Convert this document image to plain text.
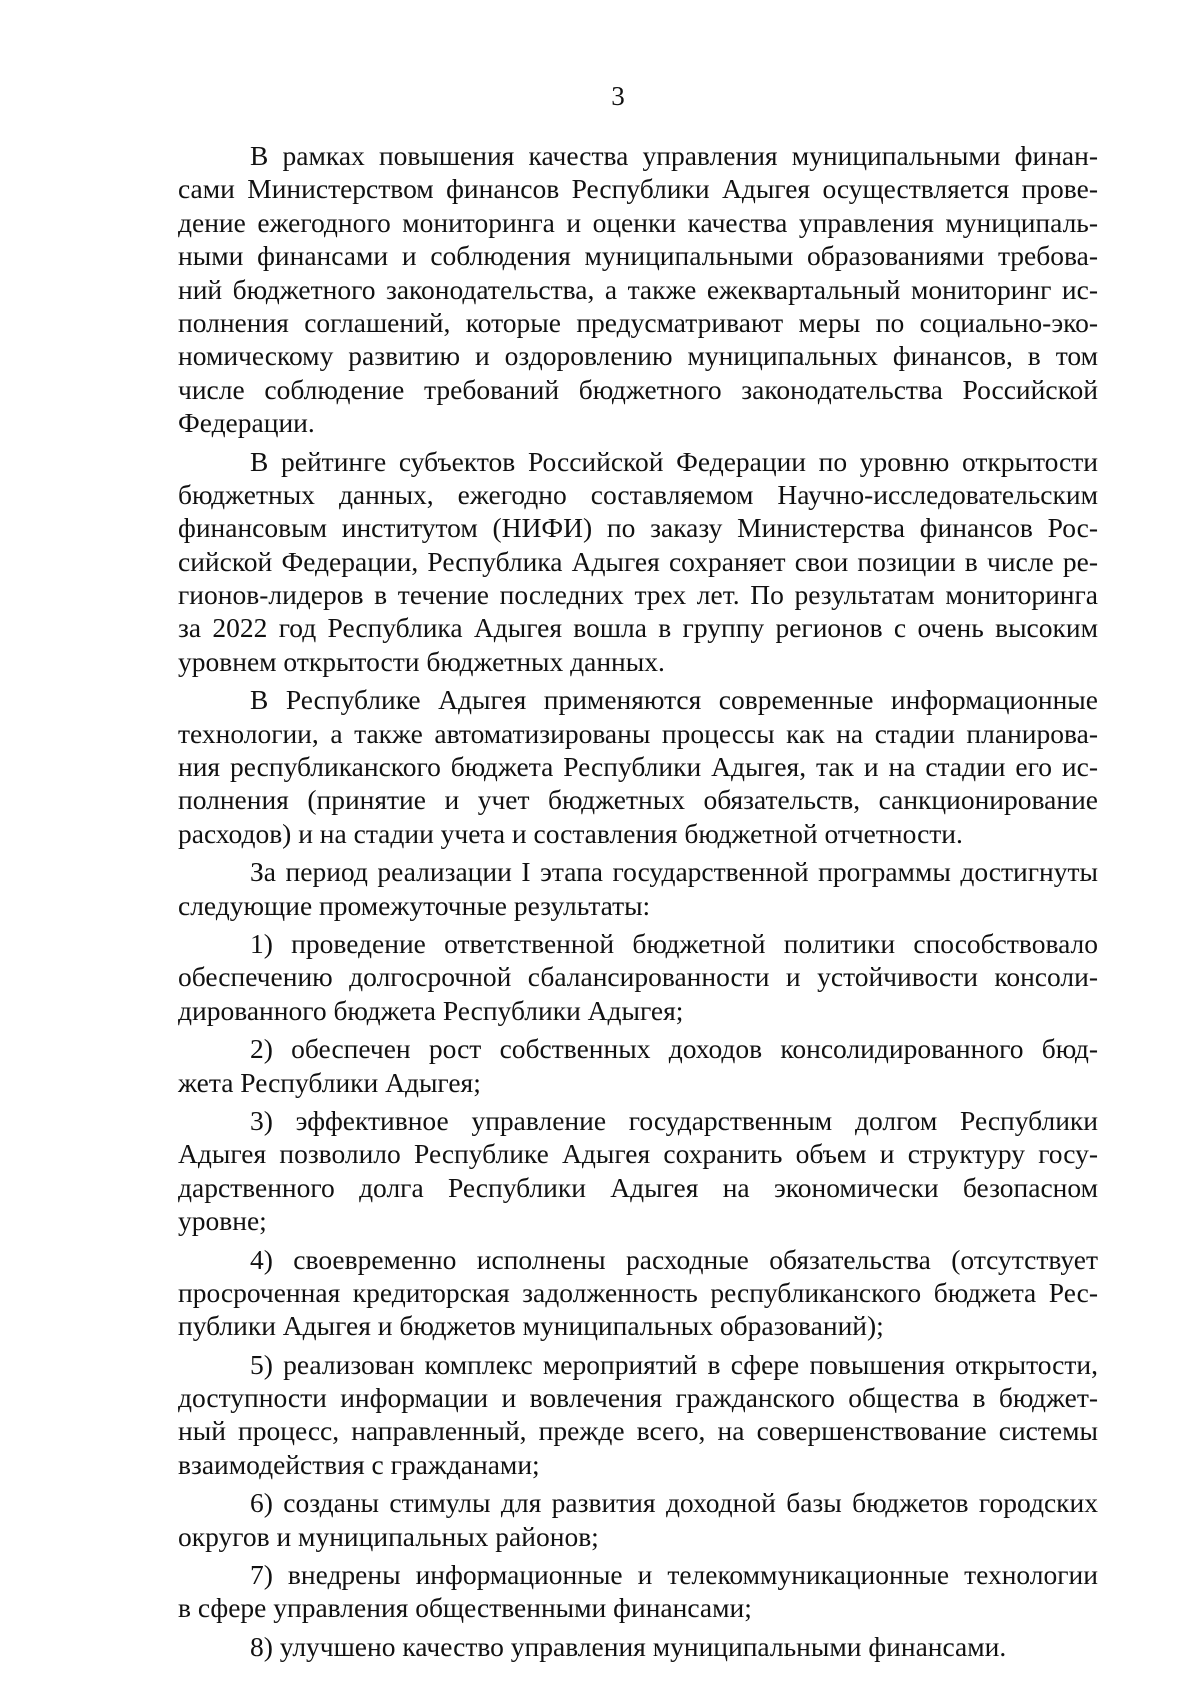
3
В рамках повышения качества управления муниципальными финан-
сами Министерством финансов Республики Адыгея осуществляется прове-
дение ежегодного мониторинга и оценки качества управления муниципаль-
ными финансами и соблюдения муниципальными образованиями требова-
ний бюджетного законодательства, а также ежеквартальный мониторинг ис-
полнения соглашений, которые предусматривают меры по социально-эко-
номическому развитию и оздоровлению муниципальных финансов, в том
числе соблюдение требований бюджетного законодательства Российской
Федерации.
В рейтинге субъектов Российской Федерации по уровню открытости
бюджетных данных, ежегодно составляемом Научно-исследовательским
финансовым институтом (НИФИ) по заказу Министерства финансов Рос-
сийской Федерации, Республика Адыгея сохраняет свои позиции в числе ре-
гионов-лидеров в течение последних трех лет. По результатам мониторинга
за 2022 год Республика Адыгея вошла в группу регионов с очень высоким
уровнем открытости бюджетных данных.
В Республике Адыгея применяются современные информационные
технологии, а также автоматизированы процессы как на стадии планирова-
ния республиканского бюджета Республики Адыгея, так и на стадии его ис-
полнения (принятие и учет бюджетных обязательств, санкционирование
расходов) и на стадии учета и составления бюджетной отчетности.
За период реализации I этапа государственной программы достигнуты
следующие промежуточные результаты:
1) проведение ответственной бюджетной политики способствовало
обеспечению долгосрочной сбалансированности и устойчивости консоли-
дированного бюджета Республики Адыгея;
2) обеспечен рост собственных доходов консолидированного бюд-
жета Республики Адыгея;
3) эффективное управление государственным долгом Республики
Адыгея позволило Республике Адыгея сохранить объем и структуру госу-
дарственного долга Республики Адыгея на экономически безопасном
уровне;
4) своевременно исполнены расходные обязательства (отсутствует
просроченная кредиторская задолженность республиканского бюджета Рес-
публики Адыгея и бюджетов муниципальных образований);
5) реализован комплекс мероприятий в сфере повышения открытости,
доступности информации и вовлечения гражданского общества в бюджет-
ный процесс, направленный, прежде всего, на совершенствование системы
взаимодействия с гражданами;
6) созданы стимулы для развития доходной базы бюджетов городских
округов и муниципальных районов;
7) внедрены информационные и телекоммуникационные технологии
в сфере управления общественными финансами;
8) улучшено качество управления муниципальными финансами.
